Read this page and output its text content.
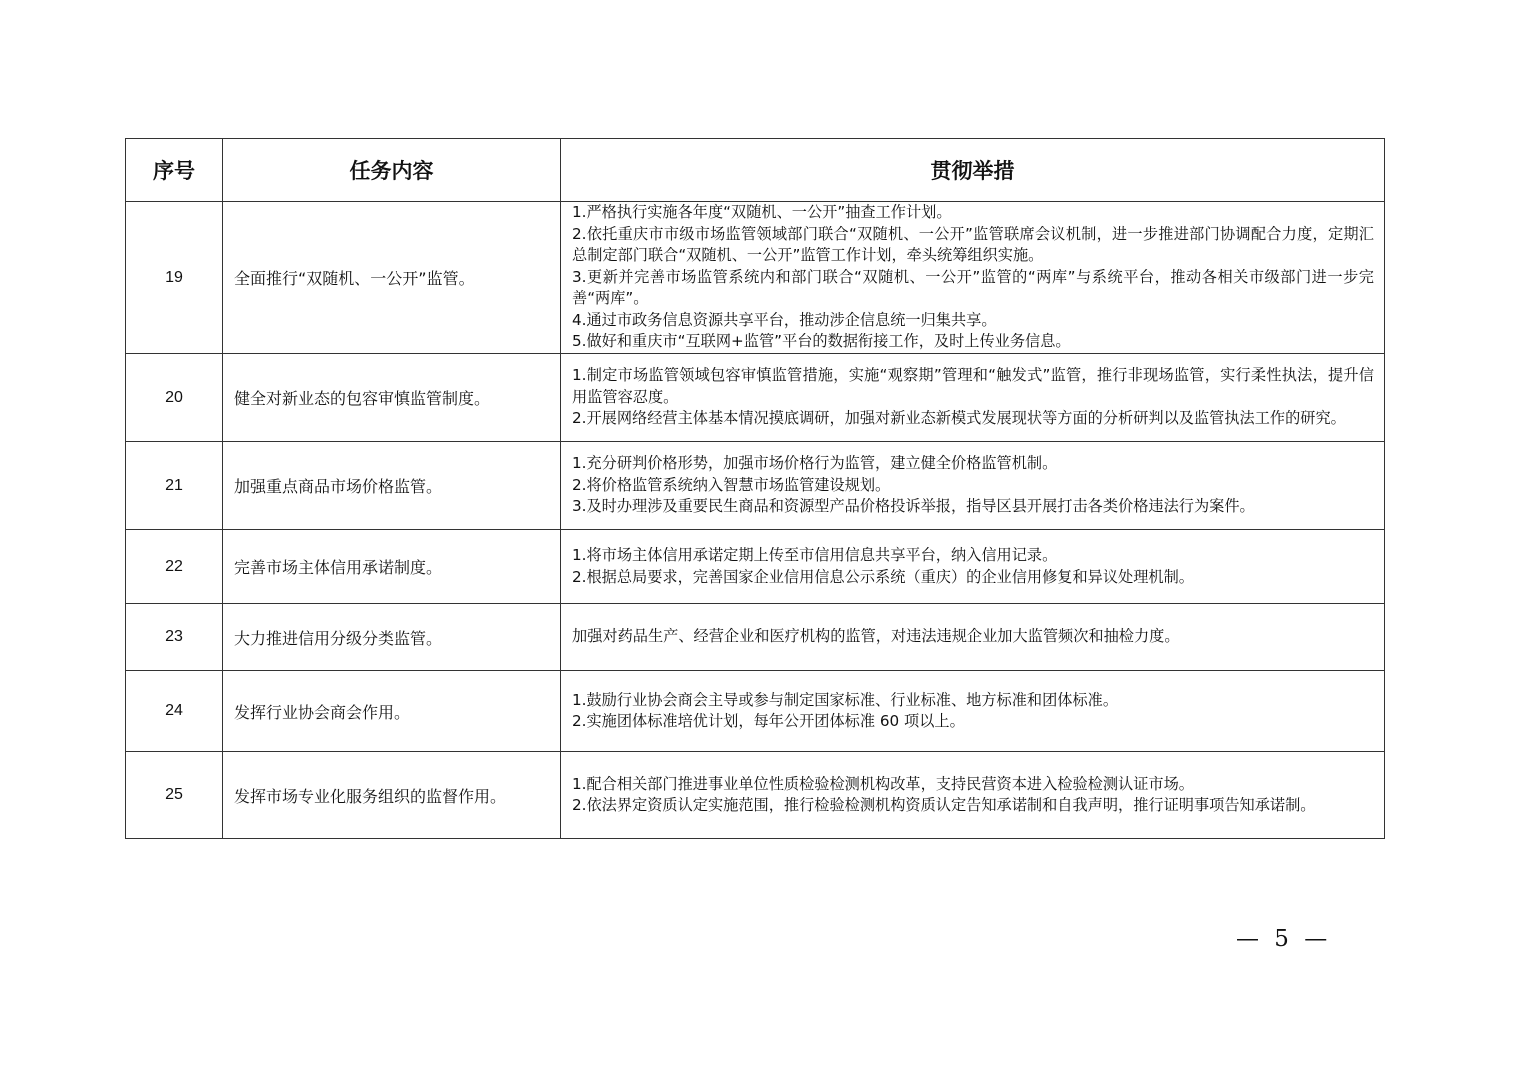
序号	任务内容	贯彻举措
19	全面推行“双随机、一公开”监管。	1.严格执行实施各年度“双随机、一公开”抽查工作计划。
2.依托重庆市市级市场监管领域部门联合“双随机、一公开”监管联席会议机制，进一步推进部门协调配合力度，定期汇总制定部门联合“双随机、一公开”监管工作计划，牵头统筹组织实施。
3.更新并完善市场监管系统内和部门联合“双随机、一公开”监管的“两库”与系统平台，推动各相关市级部门进一步完善“两库”。
4.通过市政务信息资源共享平台，推动涉企信息统一归集共享。
5.做好和重庆市“互联网+监管”平台的数据衔接工作，及时上传业务信息。

20	健全对新业态的包容审慎监管制度。	1.制定市场监管领域包容审慎监管措施，实施“观察期”管理和“触发式”监管，推行非现场监管，实行柔性执法，提升信用监管容忍度。
2.开展网络经营主体基本情况摸底调研，加强对新业态新模式发展现状等方面的分析研判以及监管执法工作的研究。

21	加强重点商品市场价格监管。	1.充分研判价格形势，加强市场价格行为监管，建立健全价格监管机制。
2.将价格监管系统纳入智慧市场监管建设规划。
3.及时办理涉及重要民生商品和资源型产品价格投诉举报，指导区县开展打击各类价格违法行为案件。

22	完善市场主体信用承诺制度。	1.将市场主体信用承诺定期上传至市信用信息共享平台，纳入信用记录。
2.根据总局要求，完善国家企业信用信息公示系统（重庆）的企业信用修复和异议处理机制。

23	大力推进信用分级分类监管。	加强对药品生产、经营企业和医疗机构的监管，对违法违规企业加大监管频次和抽检力度。

24	发挥行业协会商会作用。	1.鼓励行业协会商会主导或参与制定国家标准、行业标准、地方标准和团体标准。
2.实施团体标准培优计划，每年公开团体标准 60 项以上。

25	发挥市场专业化服务组织的监督作用。	1.配合相关部门推进事业单位性质检验检测机构改革，支持民营资本进入检验检测认证市场。
2.依法界定资质认定实施范围，推行检验检测机构资质认定告知承诺制和自我声明，推行证明事项告知承诺制。
— 5 —
